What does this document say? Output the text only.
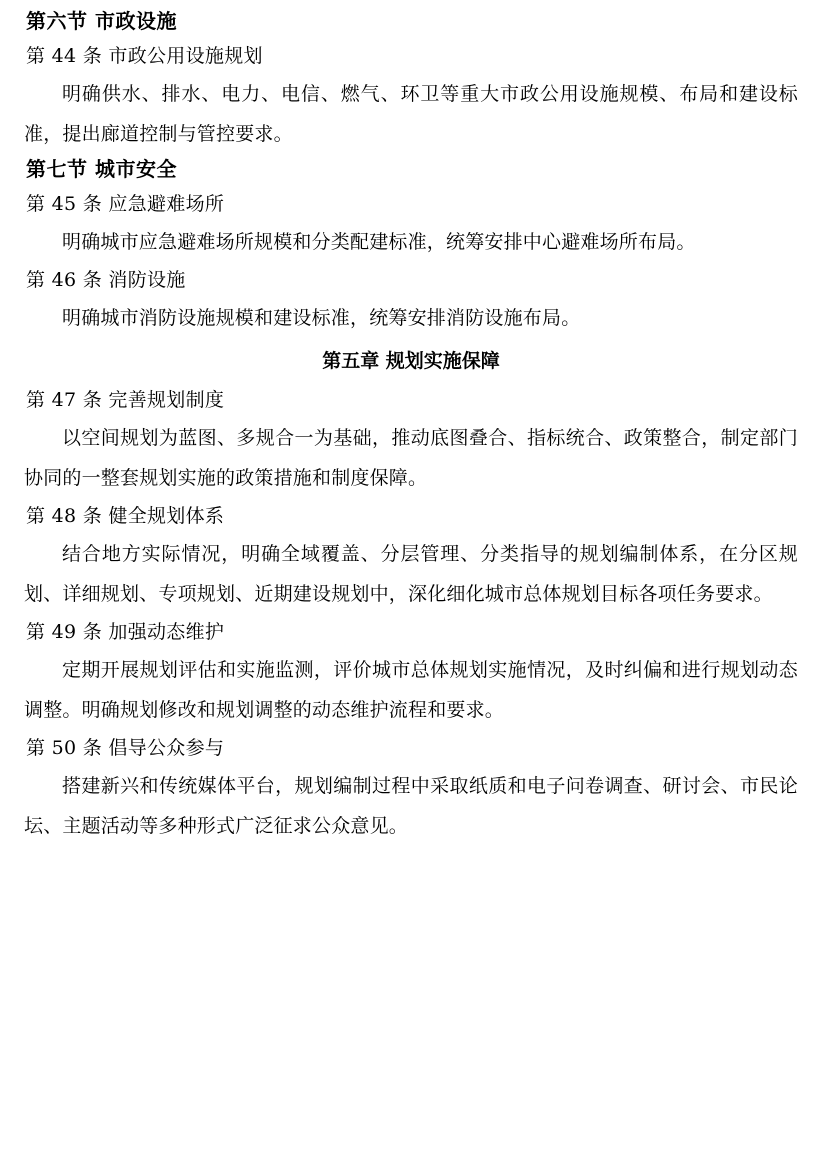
第六节 市政设施
第 44 条 市政公用设施规划
明确供水、排水、电力、电信、燃气、环卫等重大市政公用设施规模、布局和建设标准，提出廊道控制与管控要求。
第七节 城市安全
第 45 条 应急避难场所
明确城市应急避难场所规模和分类配建标准，统筹安排中心避难场所布局。
第 46 条 消防设施
明确城市消防设施规模和建设标准，统筹安排消防设施布局。
第五章 规划实施保障
第 47 条 完善规划制度
以空间规划为蓝图、多规合一为基础，推动底图叠合、指标统合、政策整合，制定部门协同的一整套规划实施的政策措施和制度保障。
第 48 条 健全规划体系
结合地方实际情况，明确全域覆盖、分层管理、分类指导的规划编制体系，在分区规划、详细规划、专项规划、近期建设规划中，深化细化城市总体规划目标各项任务要求。
第 49 条 加强动态维护
定期开展规划评估和实施监测，评价城市总体规划实施情况，及时纠偏和进行规划动态调整。明确规划修改和规划调整的动态维护流程和要求。
第 50 条 倡导公众参与
搭建新兴和传统媒体平台，规划编制过程中采取纸质和电子问卷调查、研讨会、市民论坛、主题活动等多种形式广泛征求公众意见。
